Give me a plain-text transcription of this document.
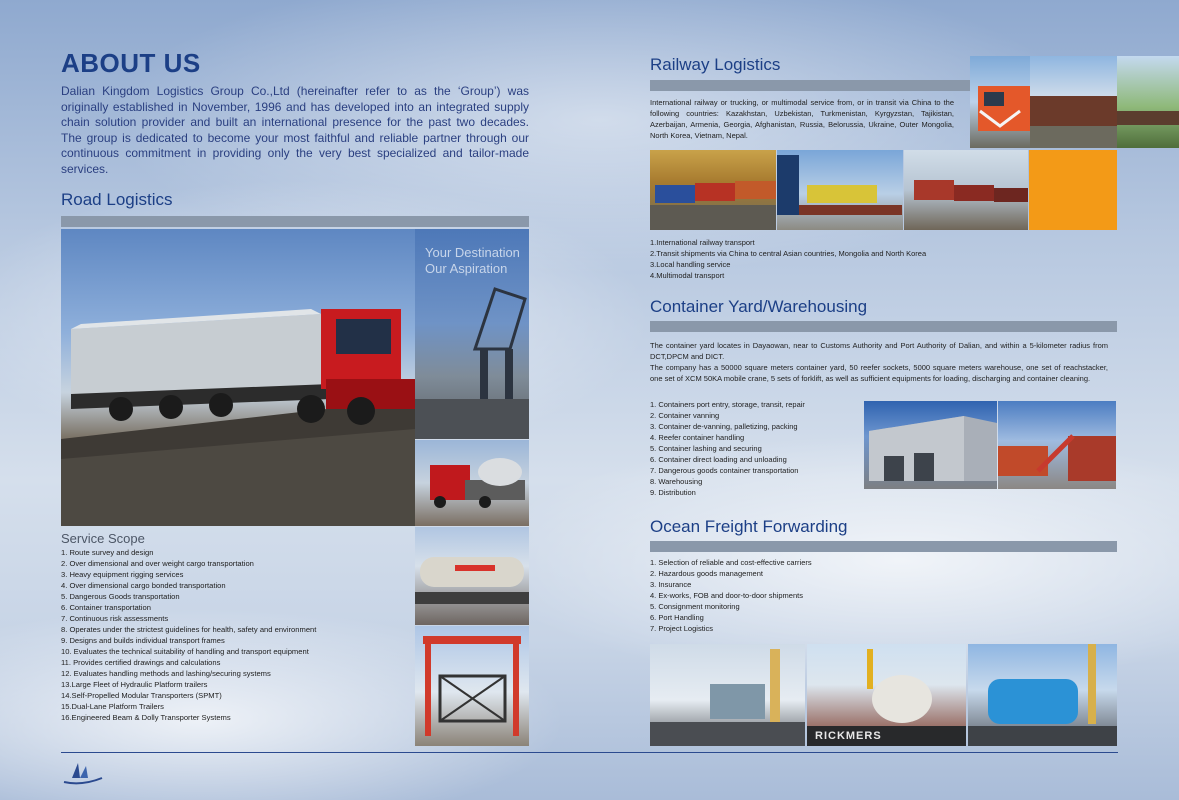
ABOUT US
Dalian Kingdom Logistics Group Co.,Ltd (hereinafter refer to as the ‘Group’) was originally established in November, 1996 and has developed into an integrated supply chain solution provider and built an international presence for the past two decades. The group is dedicated to become your most faithful and reliable partner through our continuous commitment in providing only the very best specialized and tailor-made services.
Road Logistics
Your Destination
Our Aspiration
Service Scope
1. Route survey and design
2. Over dimensional and over weight cargo transportation
3. Heavy equipment rigging services
4. Over dimensional cargo bonded transportation
5. Dangerous Goods transportation
6. Container transportation
7. Continuous risk assessments
8. Operates under the strictest guidelines for health, safety and environment
9. Designs and builds individual transport frames
10. Evaluates the technical suitability of handling and transport equipment
11. Provides certified drawings and calculations
12. Evaluates handling methods and lashing/securing systems
13.Large Fleet of Hydraulic Platform trailers
14.Self-Propelled Modular Transporters (SPMT)
15.Dual-Lane Platform Trailers
16.Engineered Beam & Dolly Transporter Systems
Railway Logistics
International railway or trucking, or multimodal service from, or in transit via China to the following countries: Kazakhstan, Uzbekistan, Turkmenistan, Kyrgyzstan, Tajikistan, Azerbaijan, Armenia, Georgia, Afghanistan, Russia, Belorussia, Ukraine, Outer Mongolia, North Korea, Vietnam, Nepal.
1.International railway transport
2.Transit shipments via China to central Asian countries, Mongolia and North Korea
3.Local handling service
4.Multimodal transport
Container Yard/Warehousing
The container yard locates in Dayaowan, near to Customs Authority and Port Authority of Dalian, and within a 5-kilometer radius from DCT,DPCM and DICT.
The company has a 50000 square meters container yard, 50 reefer sockets, 5000 square meters warehouse, one set of reachstacker, one set of XCM 50KA mobile crane, 5 sets of forklift, as well as sufficient equipments for loading, discharging and container cleaning.
1. Containers port entry, storage, transit, repair
2. Container vanning
3. Container de-vanning, palletizing, packing
4. Reefer container handling
5. Container lashing and securing
6. Container direct loading and unloading
7. Dangerous goods container transportation
8. Warehousing
9. Distribution
Ocean Freight Forwarding
1. Selection of reliable and cost-effective carriers
2. Hazardous goods management
3. Insurance
4. Ex-works, FOB and door-to-door shipments
5. Consignment monitoring
6. Port Handling
7. Project Logistics
RICKMERS
